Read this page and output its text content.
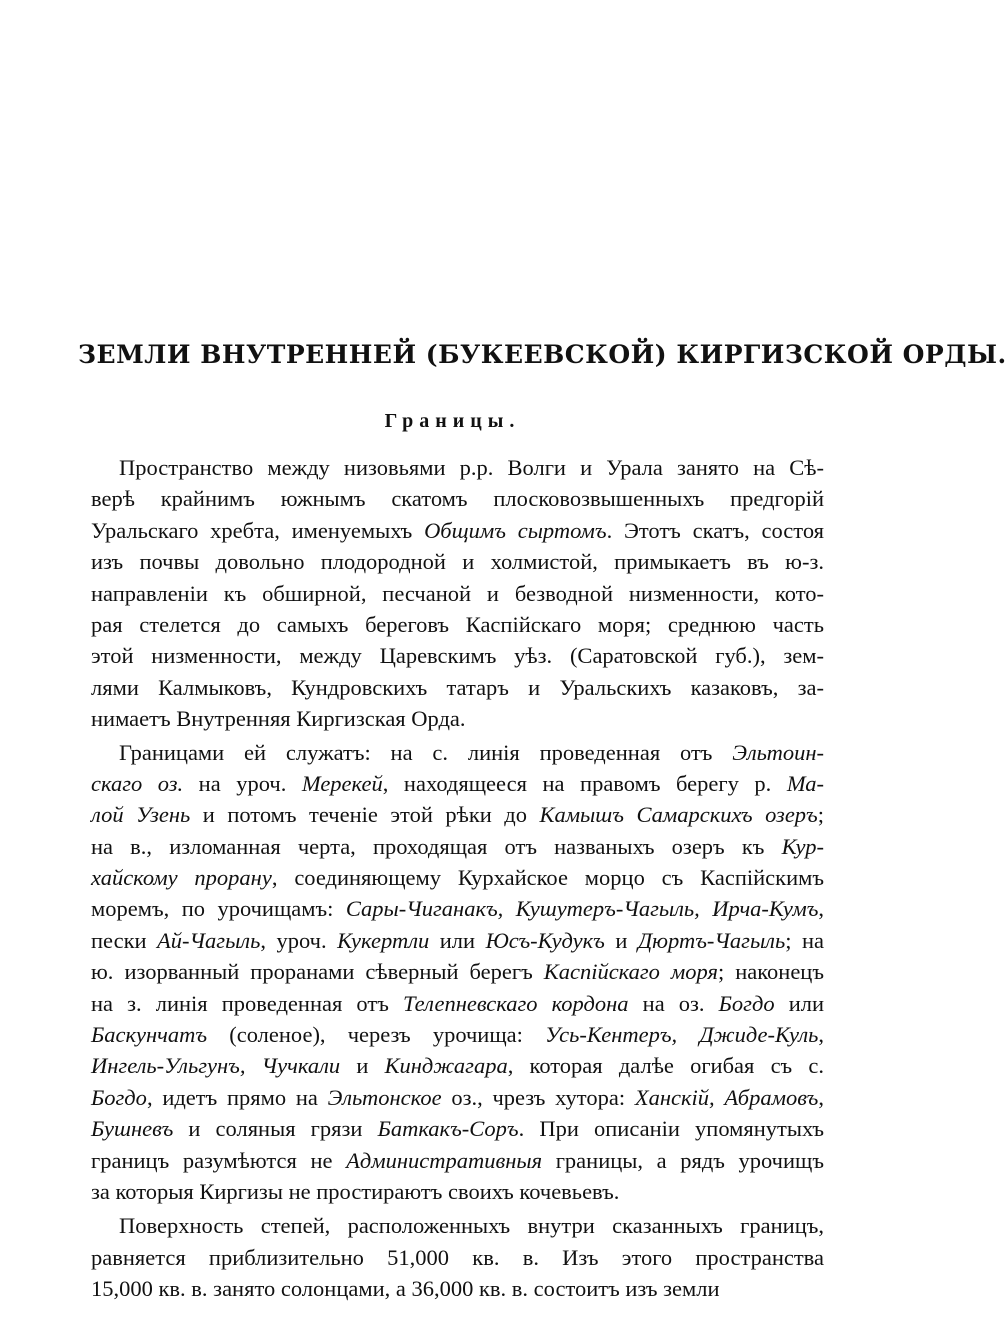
ЗЕМЛИ ВНУТРЕННЕЙ (БУКЕЕВСКОЙ) КИРГИЗСКОЙ ОРДЫ.
Границы.
Пространство между низовьями р.р. Волги и Урала занято на Сѣ-
верѣ крайнимъ южнымъ скатомъ плосковозвышенныхъ предгорій
Уральскаго хребта, именуемыхъ Общимъ сыртомъ. Этотъ скатъ, состоя
изъ почвы довольно плодородной и холмистой, примыкаетъ въ ю-з.
направленіи къ обширной, песчаной и безводной низменности, кото-
рая стелется до самыхъ береговъ Каспійскаго моря; среднюю часть
этой низменности, между Царевскимъ уѣз. (Саратовской губ.), зем-
лями Калмыковъ, Кундровскихъ татаръ и Уральскихъ казаковъ, за-
нимаетъ Внутренняя Киргизская Орда.
Границами ей служатъ: на с. линія проведенная отъ Эльтоин-
скаго оз. на уроч. Мерекей, находящееся на правомъ берегу р. Ма-
лой Узень и потомъ теченіе этой рѣки до Камышъ Самарскихъ озеръ;
на в., изломанная черта, проходящая отъ названыхъ озеръ къ Кур-
хайскому прорану, соединяющему Курхайское морцо съ Каспійскимъ
моремъ, по урочищамъ: Сары-Чиганакъ, Кушутеръ-Чагыль, Ирча-Кумъ,
пески Ай-Чагыль, уроч. Кукертли или Юсъ-Кудукъ и Дюртъ-Чагыль; на
ю. изорванный проранами сѣверный берегъ Каспійскаго моря; наконецъ
на з. линія проведенная отъ Телепневскаго кордона на оз. Богдо или
Баскунчатъ (соленое), черезъ урочища: Усь-Кентеръ, Джиде-Куль,
Ингель-Ульгунъ, Чучкали и Кинджагара, которая далѣе огибая съ с.
Богдо, идетъ прямо на Эльтонское оз., чрезъ хутора: Ханскій, Абрамовъ,
Бушневъ и соляныя грязи Баткакъ-Соръ. При описаніи упомянутыхъ
границъ разумѣются не Административныя границы, а рядъ урочищъ
за которыя Киргизы не простираютъ своихъ кочевьевъ.
Поверхность степей, расположенныхъ внутри сказанныхъ границъ,
равняется приблизительно 51,000 кв. в. Изъ этого пространства
15,000 кв. в. занято солонцами, а 36,000 кв. в. состоитъ изъ земли
